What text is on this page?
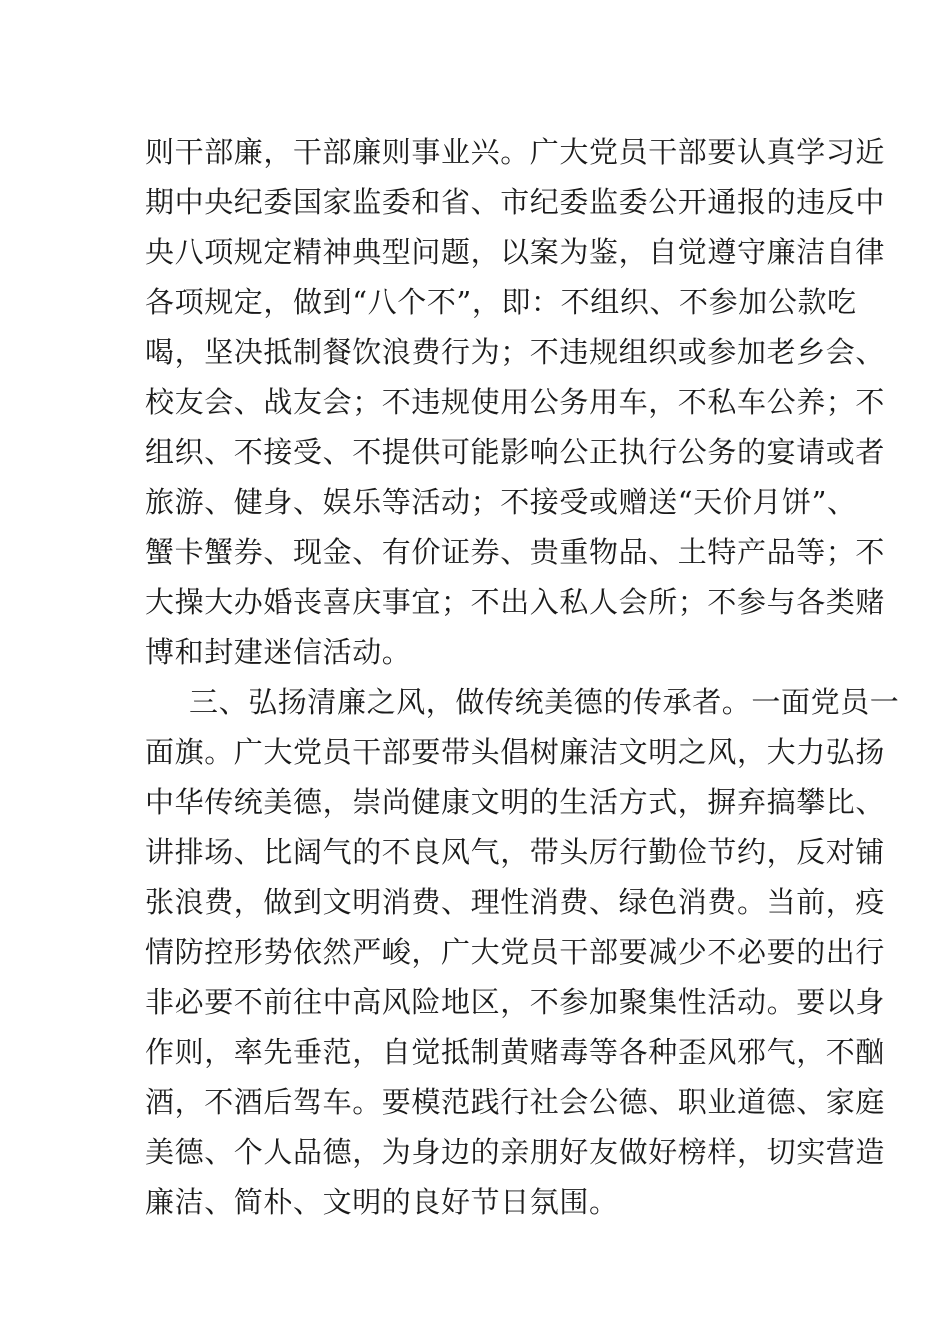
则干部廉，干部廉则事业兴。广大党员干部要认真学习近
期中央纪委国家监委和省、市纪委监委公开通报的违反中
央八项规定精神典型问题，以案为鉴，自觉遵守廉洁自律
各项规定，做到“八个不”，即：不组织、不参加公款吃
喝，坚决抵制餐饮浪费行为；不违规组织或参加老乡会、
校友会、战友会；不违规使用公务用车，不私车公养；不
组织、不接受、不提供可能影响公正执行公务的宴请或者
旅游、健身、娱乐等活动；不接受或赠送“天价月饼”、
蟹卡蟹券、现金、有价证券、贵重物品、土特产品等；不
大操大办婚丧喜庆事宜；不出入私人会所；不参与各类赌
博和封建迷信活动。
三、弘扬清廉之风，做传统美德的传承者。一面党员一
面旗。广大党员干部要带头倡树廉洁文明之风，大力弘扬
中华传统美德，崇尚健康文明的生活方式，摒弃搞攀比、
讲排场、比阔气的不良风气，带头厉行勤俭节约，反对铺
张浪费，做到文明消费、理性消费、绿色消费。当前，疫
情防控形势依然严峻，广大党员干部要减少不必要的出行
非必要不前往中高风险地区，不参加聚集性活动。要以身
作则，率先垂范，自觉抵制黄赌毒等各种歪风邪气，不酗
酒，不酒后驾车。要模范践行社会公德、职业道德、家庭
美德、个人品德，为身边的亲朋好友做好榜样，切实营造
廉洁、简朴、文明的良好节日氛围。
